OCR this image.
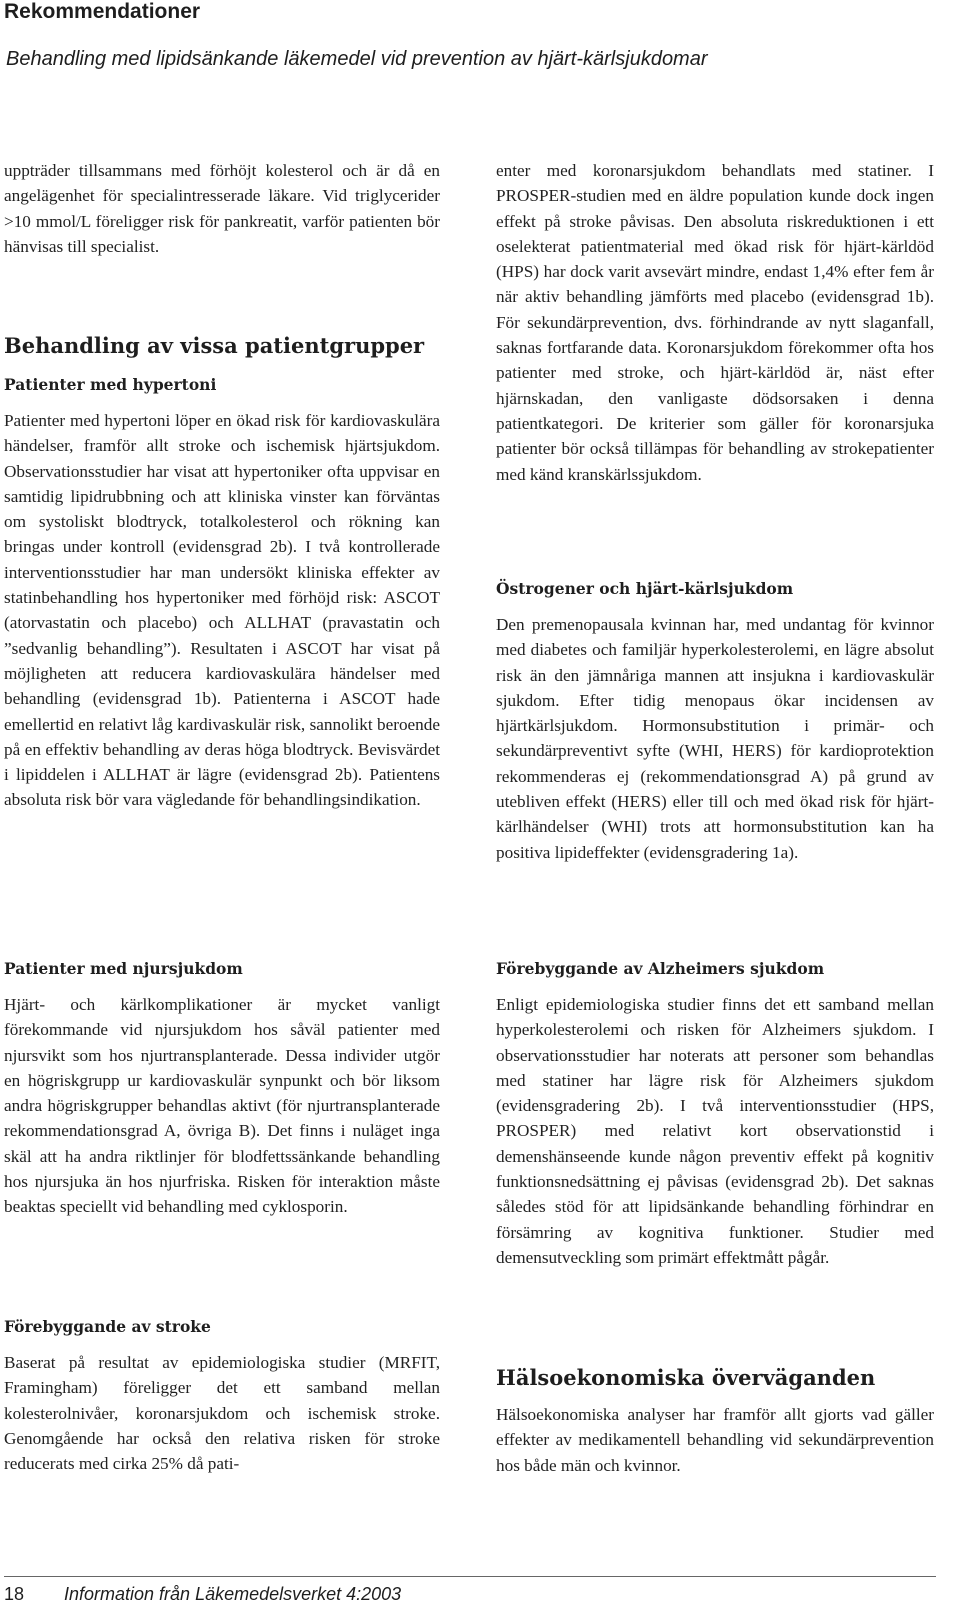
Rekommendationer
Behandling med lipidsänkande läkemedel vid prevention av hjärt-kärlsjukdomar

uppträder tillsammans med förhöjt kolesterol och är då en angelägenhet för specialintresserade läkare. Vid triglycerider >10 mmol/L föreligger risk för pankreatit, varför patienten bör hänvisas till specialist.

Behandling av vissa patientgrupper
Patienter med hypertoni

Patienter med hypertoni löper en ökad risk för kardiovaskulära händelser, framför allt stroke och ischemisk hjärtsjukdom. Observationsstudier har visat att hypertoniker ofta uppvisar en samtidig lipidrubbning och att kliniska vinster kan förväntas om systoliskt blodtryck, totalkolesterol och rökning kan bringas under kontroll (evidensgrad 2b). I två kontrollerade interventionsstudier har man undersökt kliniska effekter av statinbehandling hos hypertoniker med förhöjd risk: ASCOT (atorvastatin och placebo) och ALLHAT (pravastatin och ”sedvanlig behandling”). Resultaten i ASCOT har visat på möjligheten att reducera kardiovaskulära händelser med behandling (evidensgrad 1b). Patienterna i ASCOT hade emellertid en relativt låg kardivaskulär risk, sannolikt beroende på en effektiv behandling av deras höga blodtryck. Bevisvärdet i lipiddelen i ALLHAT är lägre (evidensgrad 2b). Patientens absoluta risk bör vara vägledande för behandlingsindikation.

Patienter med njursjukdom

Hjärt- och kärlkomplikationer är mycket vanligt förekommande vid njursjukdom hos såväl patienter med njursvikt som hos njurtransplanterade. Dessa individer utgör en högriskgrupp ur kardiovaskulär synpunkt och bör liksom andra högriskgrupper behandlas aktivt (för njurtransplanterade rekommendationsgrad A, övriga B). Det finns i nuläget inga skäl att ha andra riktlinjer för blodfettssänkande behandling hos njursjuka än hos njurfriska. Risken för interaktion måste beaktas speciellt vid behandling med cyklosporin.

Förebyggande av stroke

Baserat på resultat av epidemiologiska studier (MRFIT, Framingham) föreligger det ett samband mellan kolesterolnivåer, koronarsjukdom och ischemisk stroke. Genomgående har också den relativa risken för stroke reducerats med cirka 25% då pati-

enter med koronarsjukdom behandlats med statiner. I PROSPER-studien med en äldre population kunde dock ingen effekt på stroke påvisas. Den absoluta riskreduktionen i ett oselekterat patientmaterial med ökad risk för hjärt-kärldöd (HPS) har dock varit avsevärt mindre, endast 1,4% efter fem år när aktiv behandling jämförts med placebo (evidensgrad 1b). För sekundärprevention, dvs. förhindrande av nytt slaganfall, saknas fortfarande data. Koronarsjukdom förekommer ofta hos patienter med stroke, och hjärt-kärldöd är, näst efter hjärnskadan, den vanligaste dödsorsaken i denna patientkategori. De kriterier som gäller för koronarsjuka patienter bör också tillämpas för behandling av strokepatienter med känd kranskärlssjukdom.

Östrogener och hjärt-kärlsjukdom

Den premenopausala kvinnan har, med undantag för kvinnor med diabetes och familjär hyperkolesterolemi, en lägre absolut risk än den jämnåriga mannen att insjukna i kardiovaskulär sjukdom. Efter tidig menopaus ökar incidensen av hjärtkärlsjukdom. Hormonsubstitution i primär- och sekundärpreventivt syfte (WHI, HERS) för kardioprotektion rekommenderas ej (rekommendationsgrad A) på grund av utebliven effekt (HERS) eller till och med ökad risk för hjärt-kärlhändelser (WHI) trots att hormonsubstitution kan ha positiva lipideffekter (evidensgradering 1a).

Förebyggande av Alzheimers sjukdom

Enligt epidemiologiska studier finns det ett samband mellan hyperkolesterolemi och risken för Alzheimers sjukdom. I observationsstudier har noterats att personer som behandlas med statiner har lägre risk för Alzheimers sjukdom (evidensgradering 2b). I två interventionsstudier (HPS, PROSPER) med relativt kort observationstid i demenshänseende kunde någon preventiv effekt på kognitiv funktionsnedsättning ej påvisas (evidensgrad 2b). Det saknas således stöd för att lipidsänkande behandling förhindrar en försämring av kognitiva funktioner. Studier med demensutveckling som primärt effektmått pågår.

Hälsoekonomiska överväganden

Hälsoekonomiska analyser har framför allt gjorts vad gäller effekter av medikamentell behandling vid sekundärprevention hos både män och kvinnor.

18 Information från Läkemedelsverket 4:2003
